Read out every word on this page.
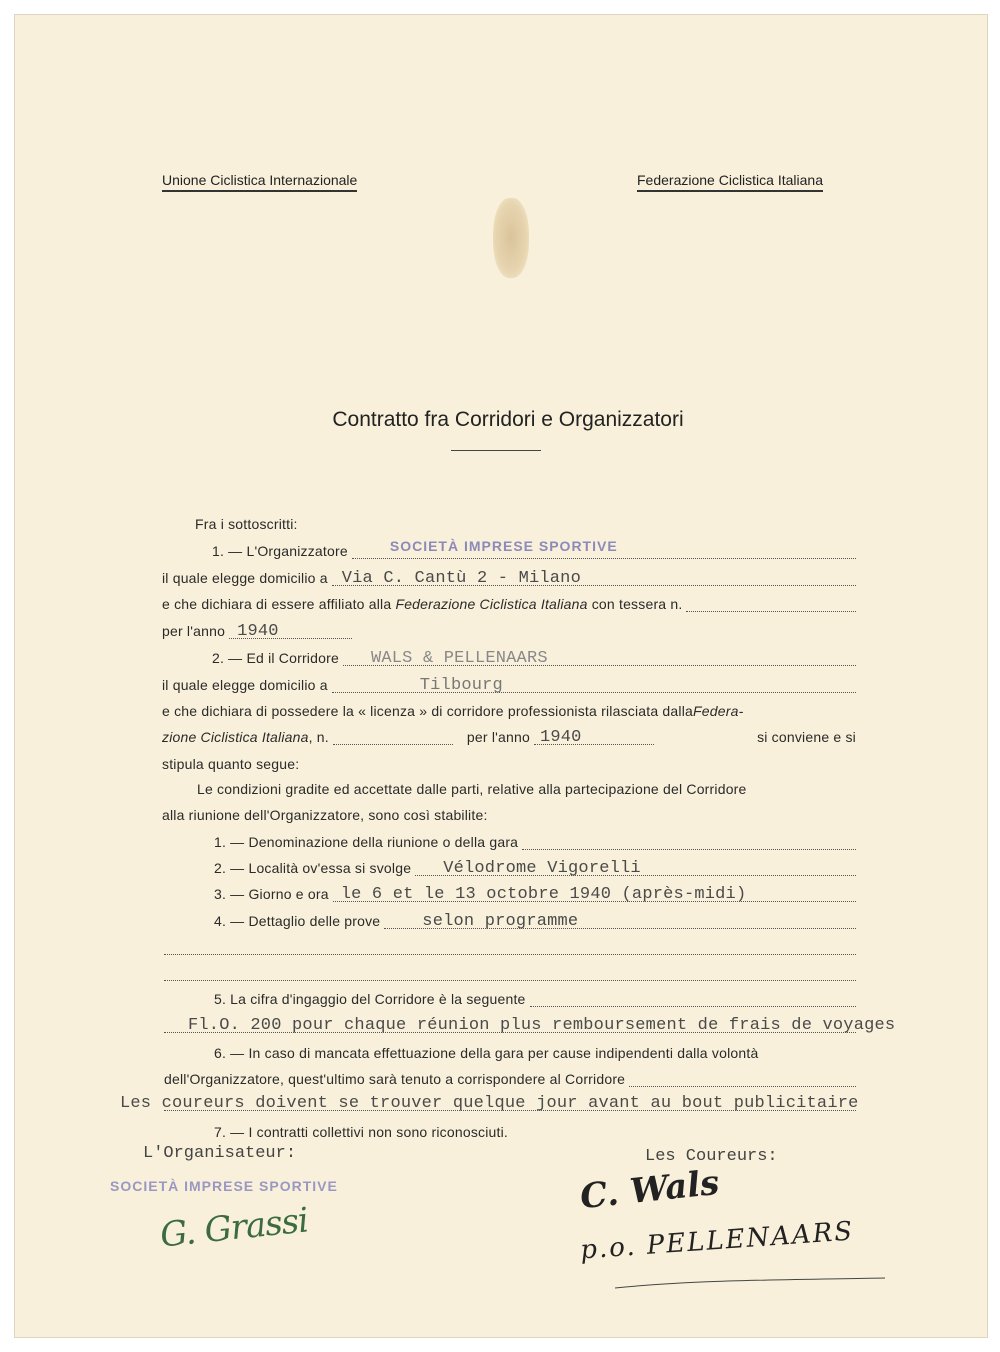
Unione Ciclistica Internazionale	Federazione Ciclistica Italiana
Contratto fra Corridori e Organizzatori
Fra i sottoscritti:
1. — L'Organizzatore	SOCIETÀ IMPRESE SPORTIVE
il quale elegge domicilio a Via C. Cantù 2 - Milano
e che dichiara di essere affiliato alla
Federazione Ciclistica Italiana
con tessera n.
per l'anno 1940
2. — Ed il Corridore WALS & PELLENAARS
il quale elegge domicilio a	Tilbourg
e che dichiara di possedere la « licenza » di corridore professionista rilasciata dalla Federa-
zione Ciclistica Italiana , n.	per l'anno 1940	si conviene e si
stipula quanto segue:
Le condizioni gradite ed accettate dalle parti, relative alla partecipazione del Corridore
alla riunione dell'Organizzatore, sono così stabilite:
1. — Denominazione della riunione o della gara
2. — Località ov'essa si svolge Vélodrome Vigorelli
3. — Giorno e ora le 6 et le 13 octobre 1940 (après-midi)
4. — Dettaglio delle prove selon programme
5. La cifra d'ingaggio del Corridore è la seguente
Fl.O. 200 pour chaque réunion plus remboursement de frais de voyages
6. — In caso di mancata effettuazione della gara per cause indipendenti dalla volontà
dell'Organizzatore, quest'ultimo sarà tenuto a corrispondere al Corridore
Les coureurs doivent se trouver quelque jour avant au bout publicitaire
7. — I contratti collettivi non sono riconosciuti.
L'Organisateur:
SOCIETÀ IMPRESE SPORTIVE
G. Grassi
Les Coureurs:
C. Wals
p.o. PELLENAARS
